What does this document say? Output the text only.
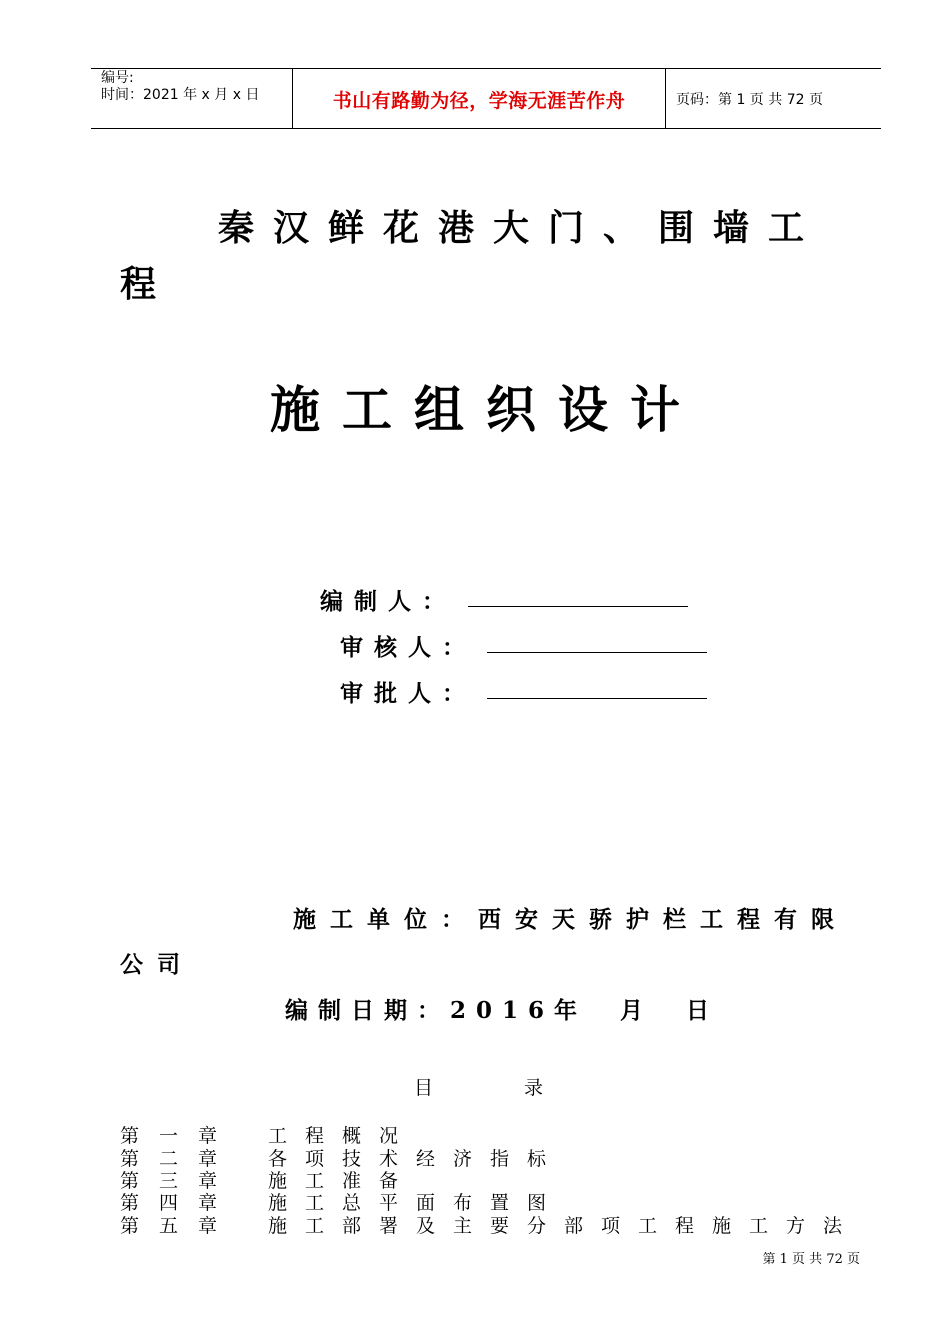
编号:
时间：2021 年 x 月 x 日	书山有路勤为径，学海无涯苦作舟	页码：第 1 页 共 72 页
秦汉鲜花港大门、围墙工
程
施工组织设计
编制人：
审核人：
审批人：
施工单位：西安天骄护栏工程有限
公司
编制日期：2016年　月　日
目	录
第一章 工程概况
第二章 各项技术经济指标
第三章 施工准备
第四章 施工总平面布置图
第五章 施工部署及主要分部项工程施工方法
第 1 页 共 72 页
